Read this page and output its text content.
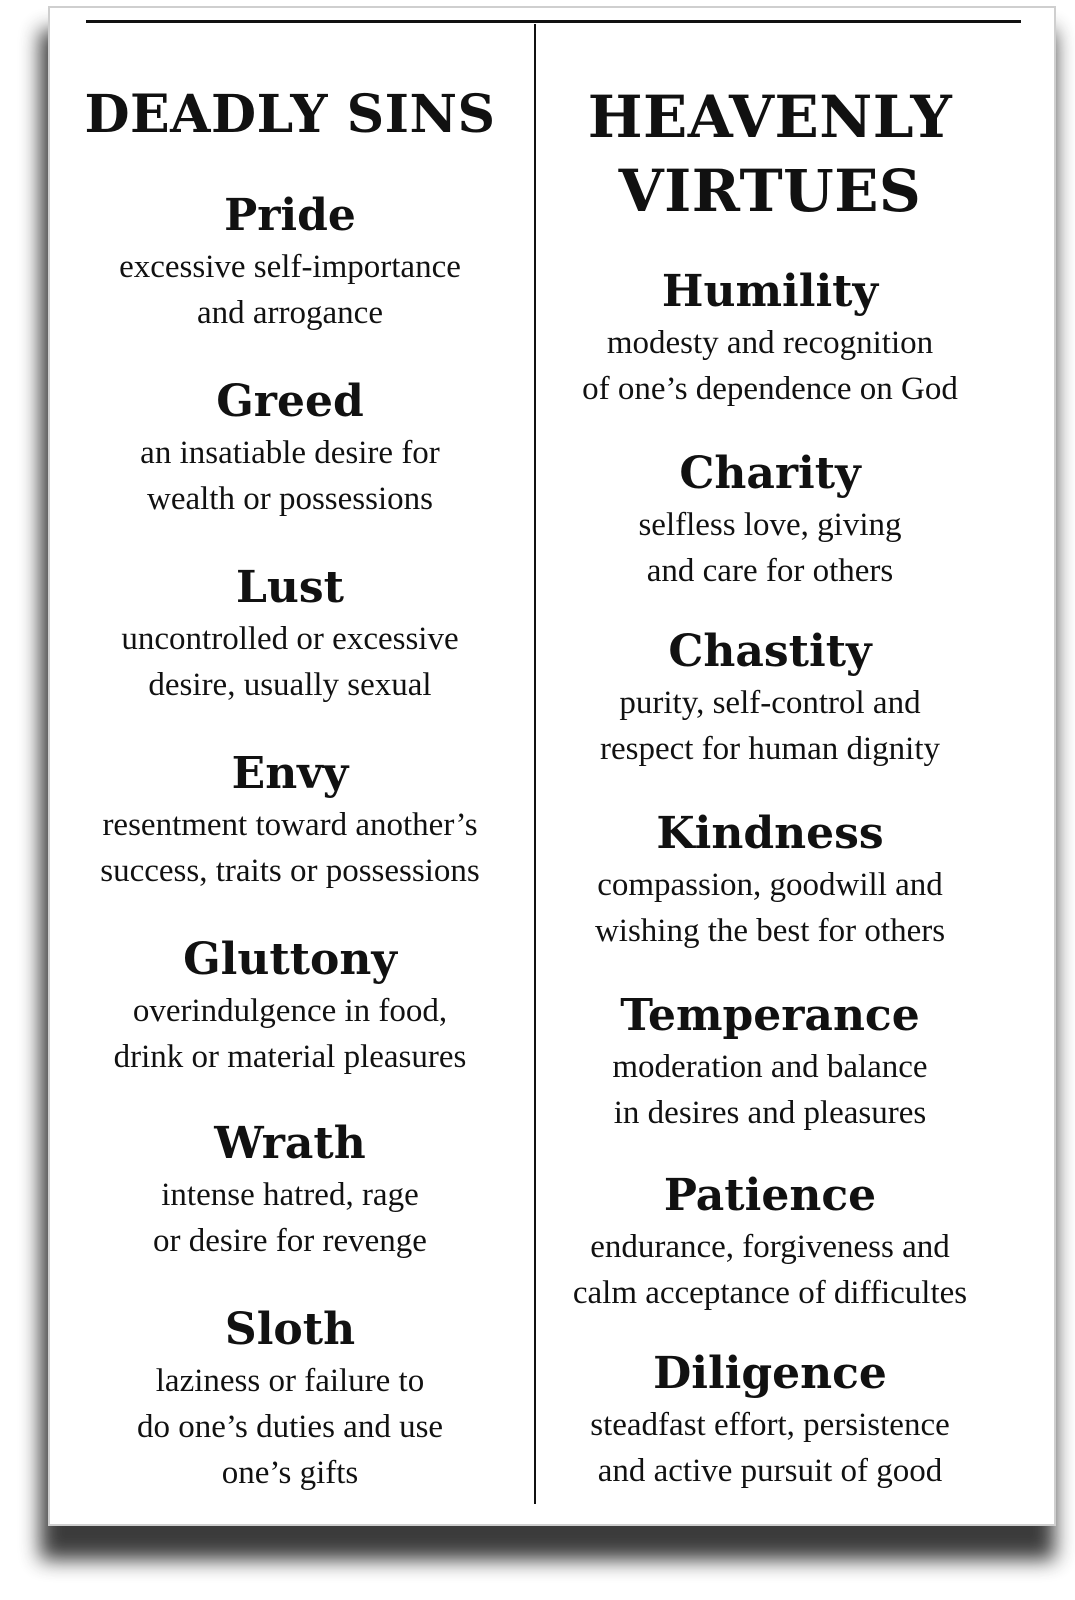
DEADLY SINS
Pride
excessive self-importance
and arrogance
Greed
an insatiable desire for
wealth or possessions
Lust
uncontrolled or excessive
desire, usually sexual
Envy
resentment toward another’s
success, traits or possessions
Gluttony
overindulgence in food,
drink or material pleasures
Wrath
intense hatred, rage
or desire for revenge
Sloth
laziness or failure to
do one’s duties and use
one’s gifts
HEAVENLY
VIRTUES
Humility
modesty and recognition
of one’s dependence on God
Charity
selfless love, giving
and care for others
Chastity
purity, self-control and
respect for human dignity
Kindness
compassion, goodwill and
wishing the best for others
Temperance
moderation and balance
in desires and pleasures
Patience
endurance, forgiveness and
calm acceptance of difficultes
Diligence
steadfast effort, persistence
and active pursuit of good
